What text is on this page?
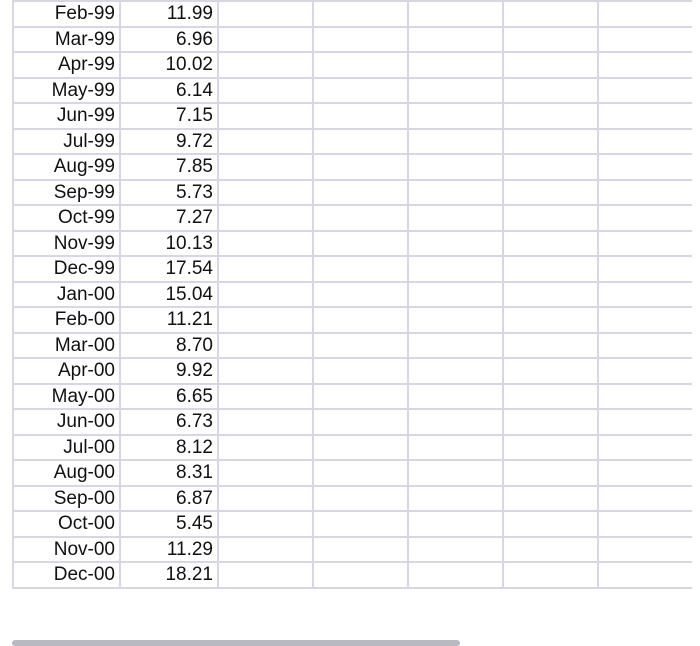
Feb-99	11.99					
Mar-99	6.96					
Apr-99	10.02					
May-99	6.14					
Jun-99	7.15					
Jul-99	9.72					
Aug-99	7.85					
Sep-99	5.73					
Oct-99	7.27					
Nov-99	10.13					
Dec-99	17.54					
Jan-00	15.04					
Feb-00	11.21					
Mar-00	8.70					
Apr-00	9.92					
May-00	6.65					
Jun-00	6.73					
Jul-00	8.12					
Aug-00	8.31					
Sep-00	6.87					
Oct-00	5.45					
Nov-00	11.29					
Dec-00	18.21					
